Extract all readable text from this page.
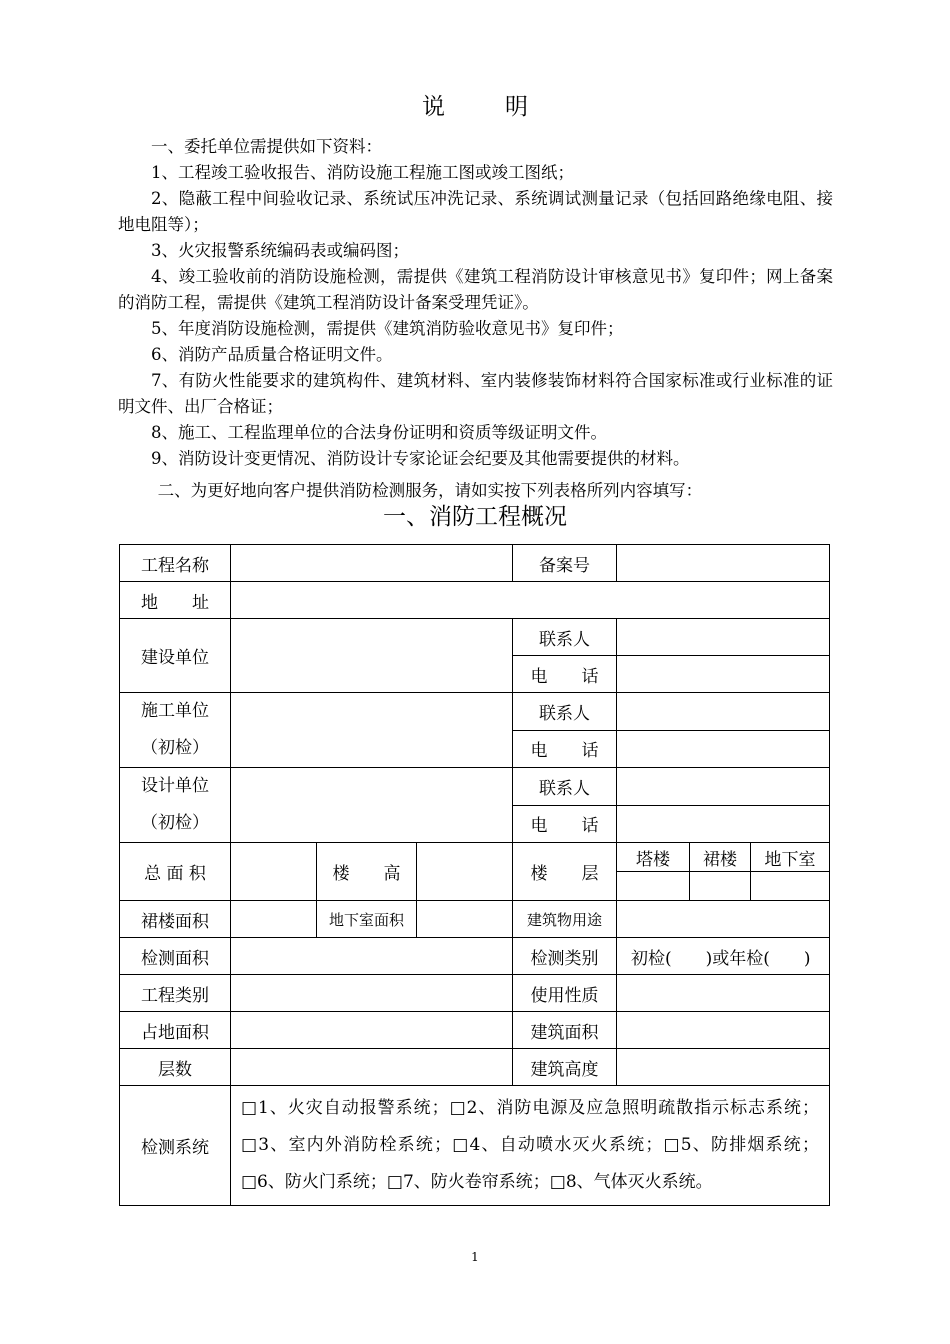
说明
一、委托单位需提供如下资料：
1、工程竣工验收报告、消防设施工程施工图或竣工图纸；
2、隐蔽工程中间验收记录、系统试压冲洗记录、系统调试测量记录（包括回路绝缘电阻、接地电阻等）；
3、火灾报警系统编码表或编码图；
4、竣工验收前的消防设施检测，需提供《建筑工程消防设计审核意见书》复印件；网上备案的消防工程，需提供《建筑工程消防设计备案受理凭证》。
5、年度消防设施检测，需提供《建筑消防验收意见书》复印件；
6、消防产品质量合格证明文件。
7、有防火性能要求的建筑构件、建筑材料、室内装修装饰材料符合国家标准或行业标准的证明文件、出厂合格证；
8、施工、工程监理单位的合法身份证明和资质等级证明文件。
9、消防设计变更情况、消防设计专家论证会纪要及其他需要提供的材料。
二、为更好地向客户提供消防检测服务，请如实按下列表格所列内容填写：
一、消防工程概况
工程名称				备案号			
地　　址							
建设单位				联系人			
				电　　话			

施工单位
（初检）				联系人			
				电　　话			

设计单位
（初检）				联系人			
				电　　话			
总 面 积		楼　　高		楼　　层	塔楼	裙楼	地下室

裙楼面积		地下室面积		建筑物用途			
检测面积				检测类别	初检(　　)或年检(　　)		
工程类别				使用性质			
占地面积				建筑面积			
层数				建筑高度			
检测系统	□1、火灾自动报警系统；□2、消防电源及应急照明疏散指示标志系统；□3、室内外消防栓系统；□4、自动喷水灭火系统；□5、防排烟系统；□6、防火门系统；□7、防火卷帘系统；□8、气体灭火系统。						
1
